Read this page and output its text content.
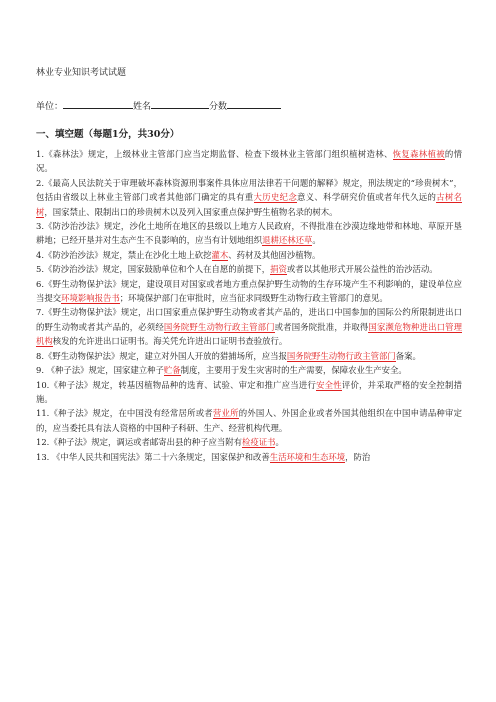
林业专业知识考试试题
单位：	姓名	分数
一、填空题（每题1分，共30分）

1.《森林法》规定，上级林业主管部门应当定期监督、检查下级林业主管部门组织植树造林、恢复森林植被的情况。

2.《最高人民法院关于审理破坏森林资源刑事案件具体应用法律若干问题的解释》规定，刑法规定的“珍贵树木”，包括由省级以上林业主管部门或者其他部门确定的具有重大历史纪念意义、科学研究价值或者年代久远的古树名树，国家禁止、限制出口的珍贵树木以及列入国家重点保护野生植物名录的树木。

3.《防沙治沙法》规定，沙化土地所在地区的县级以上地方人民政府，不得批准在沙漠边缘地带和林地、草原开垦耕地；已经开垦并对生态产生不良影响的，应当有计划地组织退耕还林还草。

4.《防沙治沙法》规定，禁止在沙化土地上砍挖灌木、药材及其他固沙植物。

5.《防沙治沙法》规定，国家鼓励单位和个人在自愿的前提下，捐资或者以其他形式开展公益性的治沙活动。

6.《野生动物保护法》规定，建设项目对国家或者地方重点保护野生动物的生存环境产生不利影响的，建设单位应当提交环境影响报告书；环境保护部门在审批时，应当征求同级野生动物行政主管部门的意见。

7.《野生动物保护法》规定，出口国家重点保护野生动物或者其产品的，进出口中国参加的国际公约所限制进出口的野生动物或者其产品的，必须经国务院野生动物行政主管部门或者国务院批准，并取得国家濒危物种进出口管理机构核发的允许进出口证明书。海关凭允许进出口证明书查验放行。

8.《野生动物保护法》规定，建立对外国人开放的猎捕场所，应当报国务院野生动物行政主管部门备案。

9. 《种子法》规定，国家建立种子贮备制度，主要用于发生灾害时的生产需要，保障农业生产安全。

10.《种子法》规定，转基因植物品种的选育、试验、审定和推广应当进行安全性评价，并采取严格的安全控制措施。

11.《种子法》规定，在中国没有经常居所或者营业所的外国人、外国企业或者外国其他组织在中国申请品种审定的，应当委托具有法人资格的中国种子科研、生产、经营机构代理。

12.《种子法》规定，调运或者邮寄出县的种子应当附有检疫证书。

13. 《中华人民共和国宪法》第二十六条规定，国家保护和改善生活环境和生态环境，防治
